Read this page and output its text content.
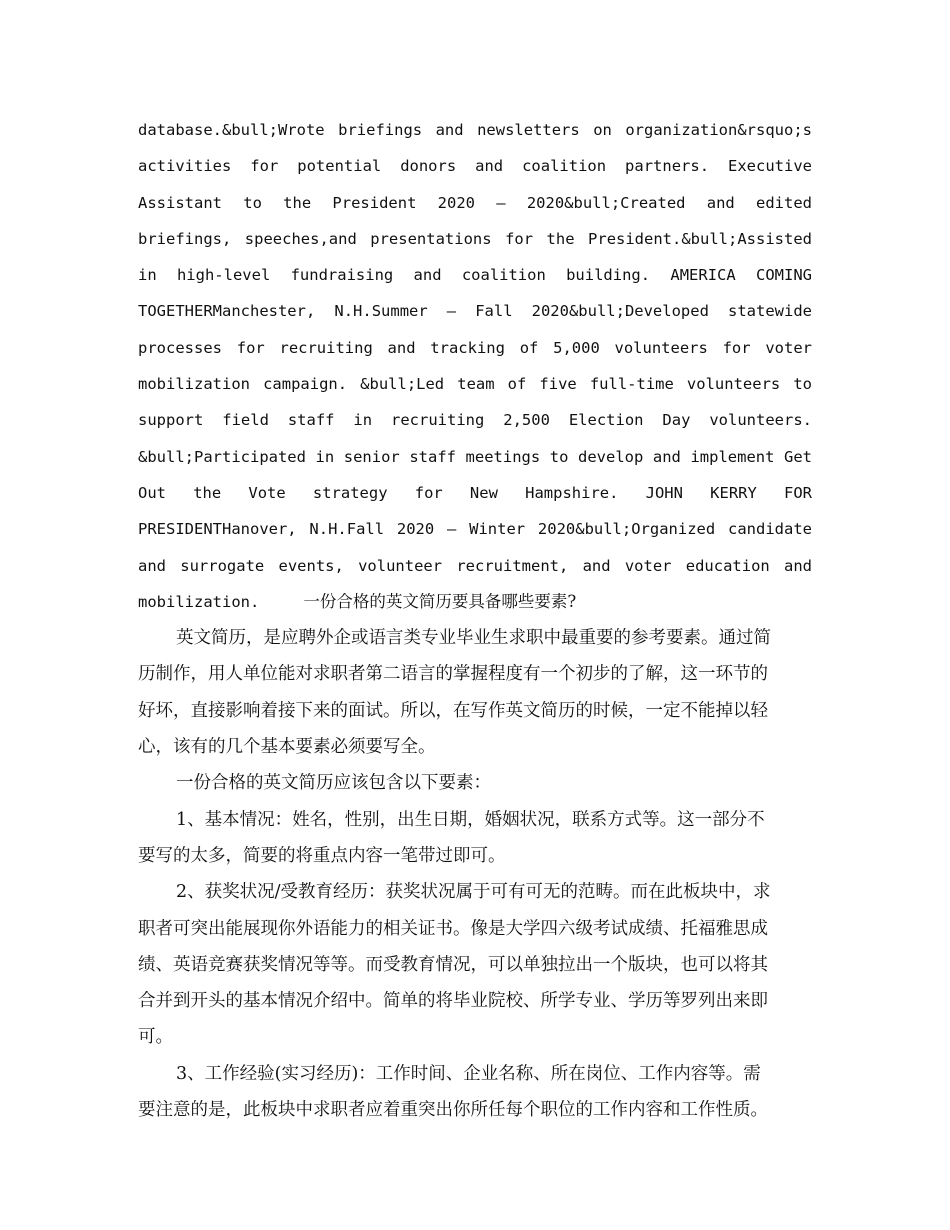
database.&bull;Wrote briefings and newsletters on organization&rsquo;s
activities for potential donors and coalition partners. Executive
Assistant to the President 2020 – 2020&bull;Created and edited
briefings, speeches,and presentations for the President.&bull;Assisted
in high-level fundraising and coalition building. AMERICA COMING
TOGETHERManchester, N.H.Summer – Fall 2020&bull;Developed statewide
processes for recruiting and tracking of 5,000 volunteers for voter
mobilization campaign. &bull;Led team of five full-time volunteers to
support field staff in recruiting 2,500 Election Day volunteers.
&bull;Participated in senior staff meetings to develop and implement Get
Out the Vote strategy for New Hampshire. JOHN KERRY FOR
PRESIDENTHanover, N.H.Fall 2020 – Winter 2020&bull;Organized candidate
and surrogate events, volunteer recruitment, and voter education and
mobilization.	一份合格的英文简历要具备哪些要素?
英文简历，是应聘外企或语言类专业毕业生求职中最重要的参考要素。通过简
历制作，用人单位能对求职者第二语言的掌握程度有一个初步的了解，这一环节的
好坏，直接影响着接下来的面试。所以，在写作英文简历的时候，一定不能掉以轻
心，该有的几个基本要素必须要写全。
一份合格的英文简历应该包含以下要素：
1、基本情况：姓名，性别，出生日期，婚姻状况，联系方式等。这一部分不
要写的太多，简要的将重点内容一笔带过即可。
2、获奖状况/受教育经历：获奖状况属于可有可无的范畴。而在此板块中，求
职者可突出能展现你外语能力的相关证书。像是大学四六级考试成绩、托福雅思成
绩、英语竞赛获奖情况等等。而受教育情况，可以单独拉出一个版块，也可以将其
合并到开头的基本情况介绍中。简单的将毕业院校、所学专业、学历等罗列出来即
可。
3、工作经验(实习经历)：工作时间、企业名称、所在岗位、工作内容等。需
要注意的是，此板块中求职者应着重突出你所任每个职位的工作内容和工作性质。
